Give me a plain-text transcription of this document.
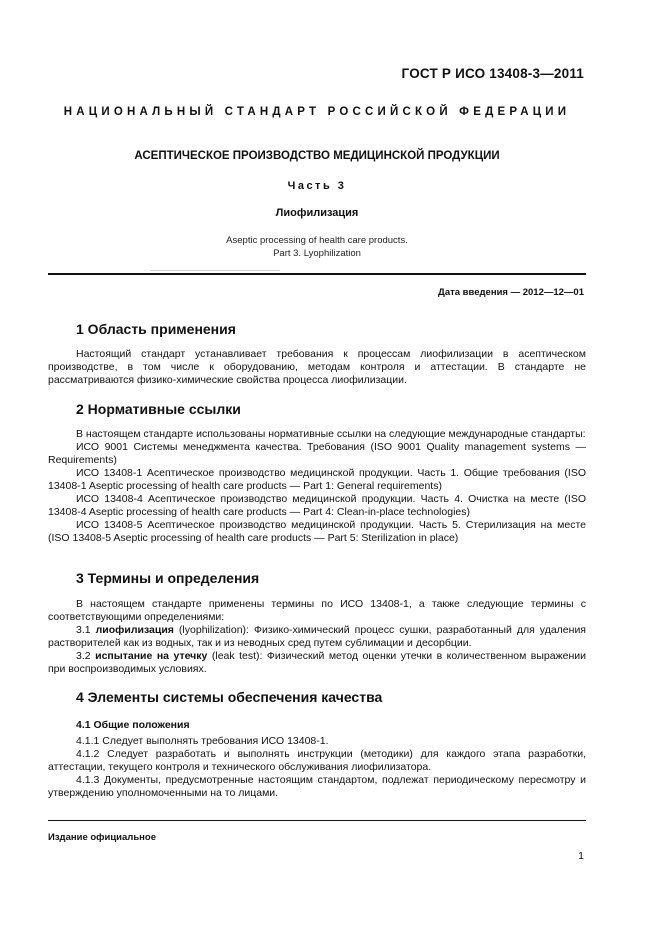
ГОСТ Р ИСО 13408-3—2011
НАЦИОНАЛЬНЫЙ СТАНДАРТ РОССИЙСКОЙ ФЕДЕРАЦИИ
АСЕПТИЧЕСКОЕ ПРОИЗВОДСТВО МЕДИЦИНСКОЙ ПРОДУКЦИИ
Часть 3
Лиофилизация
Aseptic processing of health care products.
Part 3. Lyophilization
Дата введения — 2012—12—01
1 Область применения

Настоящий стандарт устанавливает требования к процессам лиофилизации в асептическом производстве, в том числе к оборудованию, методам контроля и аттестации. В стандарте не рассматриваются физико-химические свойства процесса лиофилизации.

2 Нормативные ссылки

В настоящем стандарте использованы нормативные ссылки на следующие международные стандарты:

ИСО 9001 Системы менеджмента качества. Требования (ISO 9001 Quality management systems — Requirements)

ИСО 13408-1 Асептическое производство медицинской продукции. Часть 1. Общие требования (ISO 13408-1 Aseptic processing of health care products — Part 1: General requirements)

ИСО 13408-4 Асептическое производство медицинской продукции. Часть 4. Очистка на месте (ISO 13408-4 Aseptic processing of health care products — Part 4: Clean-in-place technologies)

ИСО 13408-5 Асептическое производство медицинской продукции. Часть 5. Стерилизация на месте (ISO 13408-5 Aseptic processing of health care products — Part 5: Sterilization in place)

3 Термины и определения

В настоящем стандарте применены термины по ИСО 13408-1, а также следующие термины с соответствующими определениями:

3.1 лиофилизация (lyophilization): Физико-химический процесс сушки, разработанный для удаления растворителей как из водных, так и из неводных сред путем сублимации и десорбции.

3.2 испытание на утечку (leak test): Физический метод оценки утечки в количественном выражении при воспроизводимых условиях.

4 Элементы системы обеспечения качества
4.1 Общие положения

4.1.1 Следует выполнять требования ИСО 13408-1.

4.1.2 Следует разработать и выполнять инструкции (методики) для каждого этапа разработки, аттестации, текущего контроля и технического обслуживания лиофилизатора.

4.1.3 Документы, предусмотренные настоящим стандартом, подлежат периодическому пересмотру и утверждению уполномоченными на то лицами.

Издание официальное
1
